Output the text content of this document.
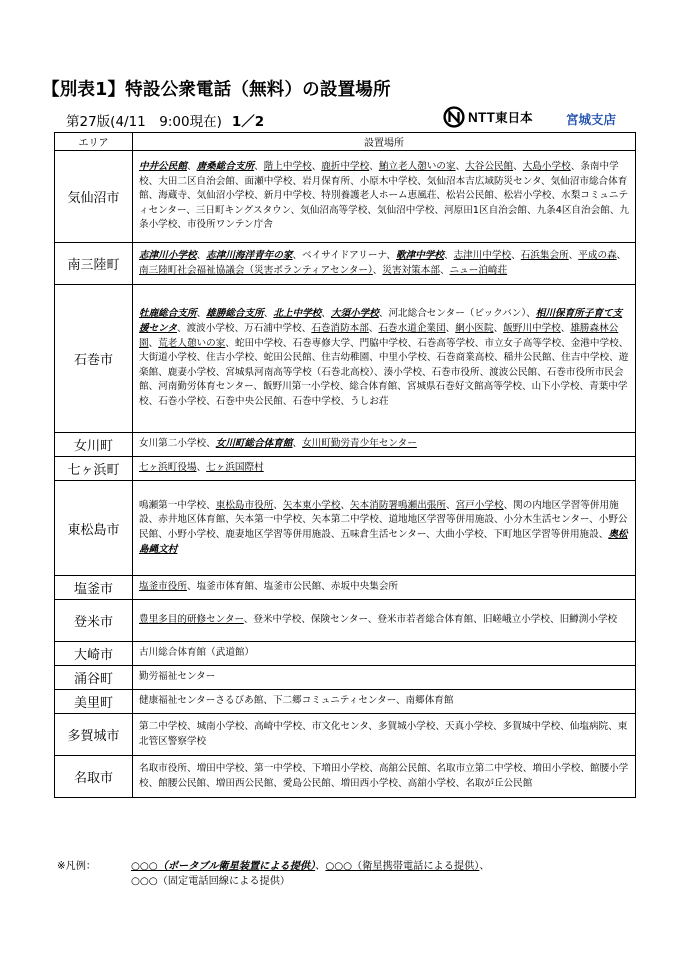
【別表1】特設公衆電話（無料）の設置場所
第27版(4/11　9:00現在) 1／2	NTT 東日本	宮城支店
エリア	設置場所
気仙沼市	中井公民館、唐桑総合支所、階上中学校、鹿折中学校、鮪立老人憩いの家、大谷公民館、大島小学校、条南中学校、大田二区自治会館、面瀬中学校、岩月保育所、小原木中学校、気仙沼本吉広域防災センタ、気仙沼市総合体育館、海蔵寺、気仙沼小学校、新月中学校、特別養護老人ホーム恵風荘、松岩公民館、松岩小学校、水梨コミュニティセンター、三日町キングスタウン、気仙沼高等学校、気仙沼中学校、河原田1区自治会館、九条4区自治会館、九条小学校、市役所ワンテン庁舎
南三陸町	志津川小学校、志津川海洋青年の家、ベイサイドアリーナ、歌津中学校、志津川中学校、石浜集会所、平成の森、南三陸町社会福祉協議会（災害ボランティアセンター）、災害対策本部、ニュー泊崎荘
石巻市	牡鹿総合支所、雄勝総合支所、北上中学校、大須小学校、河北総合センター（ビックバン）、相川保育所子育て支援センタ、渡波小学校、万石浦中学校、石巻消防本部、石巻水道企業団、網小医院、飯野川中学校、雄勝森林公園、荒老人憩いの家、蛇田中学校、石巻専修大学、門脇中学校、石巻高等学校、市立女子高等学校、金港中学校、大街道小学校、住吉小学校、蛇田公民館、住吉幼稚園、中里小学校、石巻商業高校、稲井公民館、住吉中学校、遊楽館、鹿妻小学校、宮城県河南高等学校（石巻北高校）、湊小学校、石巻市役所、渡波公民館、石巻市役所市民会館、河南勤労体育センター、飯野川第一小学校、総合体育館、宮城県石巻好文館高等学校、山下小学校、青葉中学校、石巻小学校、石巻中央公民館、石巻中学校、うしお荘
女川町	女川第二小学校、女川町総合体育館、女川町勤労青少年センター
七ヶ浜町	七ヶ浜町役場、七ヶ浜国際村
東松島市	鳴瀬第一中学校、東松島市役所、矢本東小学校、矢本消防署鳴瀬出張所、宮戸小学校、関の内地区学習等併用施設、赤井地区体育館、矢本第一中学校、矢本第二中学校、道地地区学習等併用施設、小分木生活センター、小野公民館、小野小学校、鹿妻地区学習等併用施設、五味倉生活センター、大曲小学校、下町地区学習等併用施設、奥松島縄文村
塩釜市	塩釜市役所、塩釜市体育館、塩釜市公民館、赤坂中央集会所
登米市	豊里多目的研修センター、登米中学校、保険センター、登米市若者総合体育館、旧嵯峨立小学校、旧鱒渕小学校
大崎市	古川総合体育館（武道館）
涌谷町	勤労福祉センター
美里町	健康福祉センターさるびあ館、下二郷コミュニティセンター、南郷体育館
多賀城市	第二中学校、城南小学校、高崎中学校、市文化センタ、多賀城小学校、天真小学校、多賀城中学校、仙塩病院、東北管区警察学校
名取市	名取市役所、増田中学校、第一中学校、下増田小学校、高舘公民館、名取市立第二中学校、増田小学校、館腰小学校、館腰公民館、増田西公民館、愛島公民館、増田西小学校、高舘小学校、名取が丘公民館
※凡例：	○○○（ポータブル衛星装置による提供）、○○○（衛星携帯電話による提供）、
○○○（固定電話回線による提供）
